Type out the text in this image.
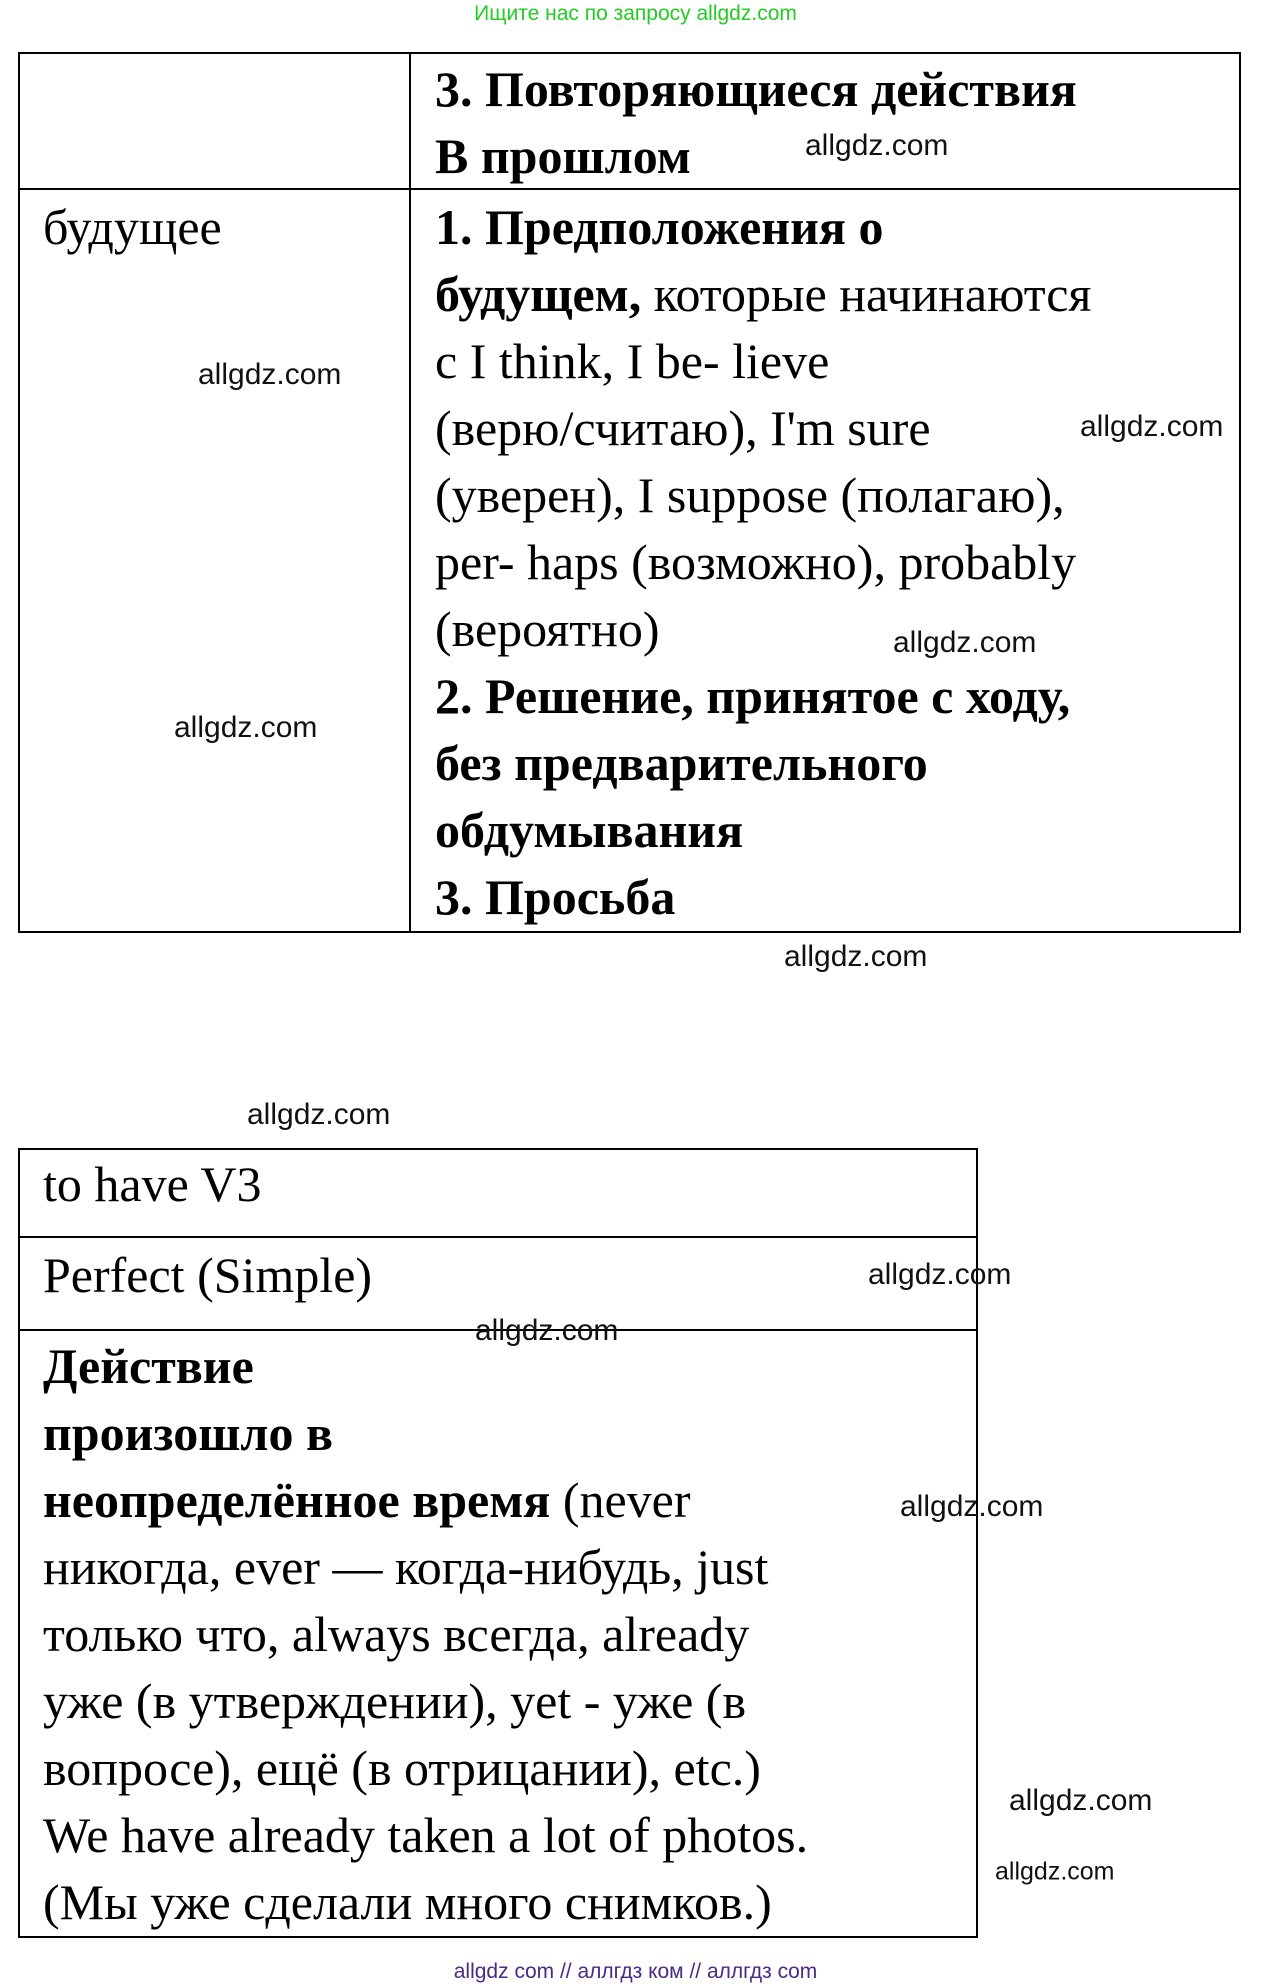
Ищите нас по запросу allgdz.com
3. Повторяющиеся действия
В прошлом
будущее	1. Предположения о
будущем, которые начинаются
с I think, I be- lieve
(верю/считаю), I'm sure
(уверен), I suppose (полагаю),
per- haps (возможно), probably
(вероятно)
2. Решение, принятое с ходу,
без предварительного
обдумывания
3. Просьба
to have V3
Perfect (Simple)
Действие
произошло в
неопределённое время (never
никогда, ever — когда-нибудь, just
только что, always всегда, already
уже (в утверждении), yet - уже (в
вопросе), ещё (в отрицании), etc.)
We have already taken a lot of photos.
(Мы уже сделали много снимков.)
allgdz.com
allgdz.com
allgdz.com
allgdz.com
allgdz.com
allgdz.com
allgdz.com
allgdz.com
allgdz.com
allgdz.com
allgdz.com
allgdz.com
allgdz com // аллгдз ком // аллгдз com
